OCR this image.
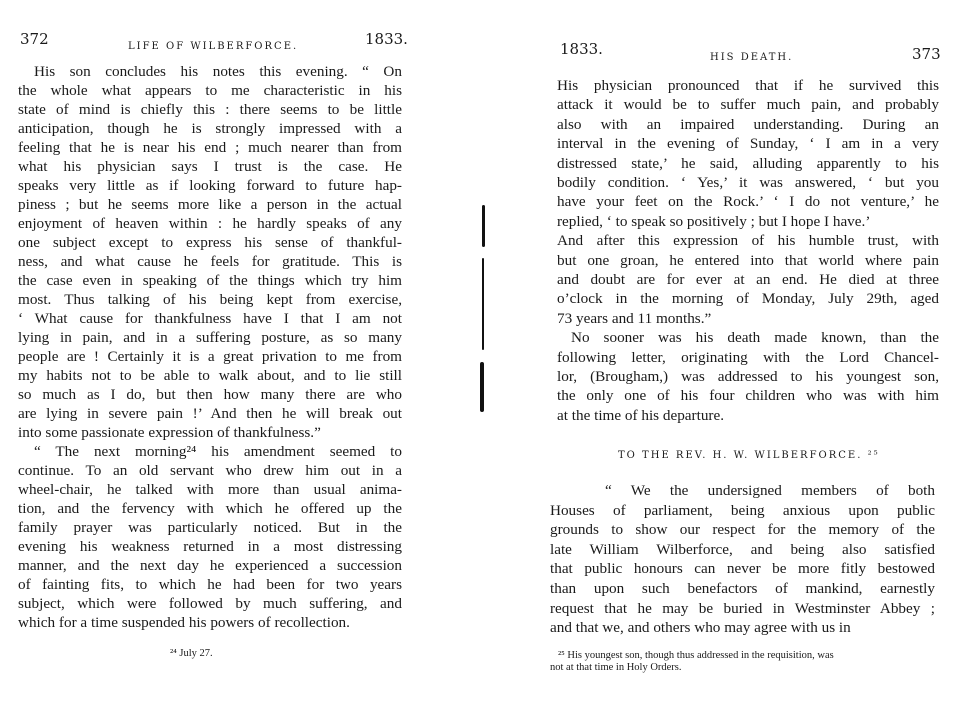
372	LIFE OF WILBERFORCE.	1833.
His son concludes his notes this evening. “ On
the whole what appears to me characteristic in his
state of mind is chiefly this : there seems to be little
anticipation, though he is strongly impressed with a
feeling that he is near his end ; much nearer than from
what his physician says I trust is the case. He
speaks very little as if looking forward to future hap-
piness ; but he seems more like a person in the actual
enjoyment of heaven within : he hardly speaks of any
one subject except to express his sense of thankful-
ness, and what cause he feels for gratitude. This is
the case even in speaking of the things which try him
most. Thus talking of his being kept from exercise,
‘ What cause for thankfulness have I that I am not
lying in pain, and in a suffering posture, as so many
people are ! Certainly it is a great privation to me from
my habits not to be able to walk about, and to lie still
so much as I do, but then how many there are who
are lying in severe pain !’ And then he will break out
into some passionate expression of thankfulness.”
“ The next morning²⁴ his amendment seemed to
continue. To an old servant who drew him out in a
wheel-chair, he talked with more than usual anima-
tion, and the fervency with which he offered up the
family prayer was particularly noticed. But in the
evening his weakness returned in a most distressing
manner, and the next day he experienced a succession
of fainting fits, to which he had been for two years
subject, which were followed by much suffering, and
which for a time suspended his powers of recollection.
²⁴ July 27.
1833.	HIS DEATH.	373
His physician pronounced that if he survived this
attack it would be to suffer much pain, and probably
also with an impaired understanding. During an
interval in the evening of Sunday, ‘ I am in a very
distressed state,’ he said, alluding apparently to his
bodily condition. ‘ Yes,’ it was answered, ‘ but you
have your feet on the Rock.’ ‘ I do not venture,’ he
replied, ‘ to speak so positively ; but I hope I have.’
And after this expression of his humble trust, with
but one groan, he entered into that world where pain
and doubt are for ever at an end. He died at three
o’clock in the morning of Monday, July 29th, aged
73 years and 11 months.”
No sooner was his death made known, than the
following letter, originating with the Lord Chancel-
lor, (Brougham,) was addressed to his youngest son,
the only one of his four children who was with him
at the time of his departure.
TO THE REV. H. W. WILBERFORCE. ²⁵
“ We the undersigned members of both
Houses of parliament, being anxious upon public
grounds to show our respect for the memory of the
late William Wilberforce, and being also satisfied
that public honours can never be more fitly bestowed
than upon such benefactors of mankind, earnestly
request that he may be buried in Westminster Abbey ;
and that we, and others who may agree with us in
²⁵ His youngest son, though thus addressed in the requisition, was
not at that time in Holy Orders.
